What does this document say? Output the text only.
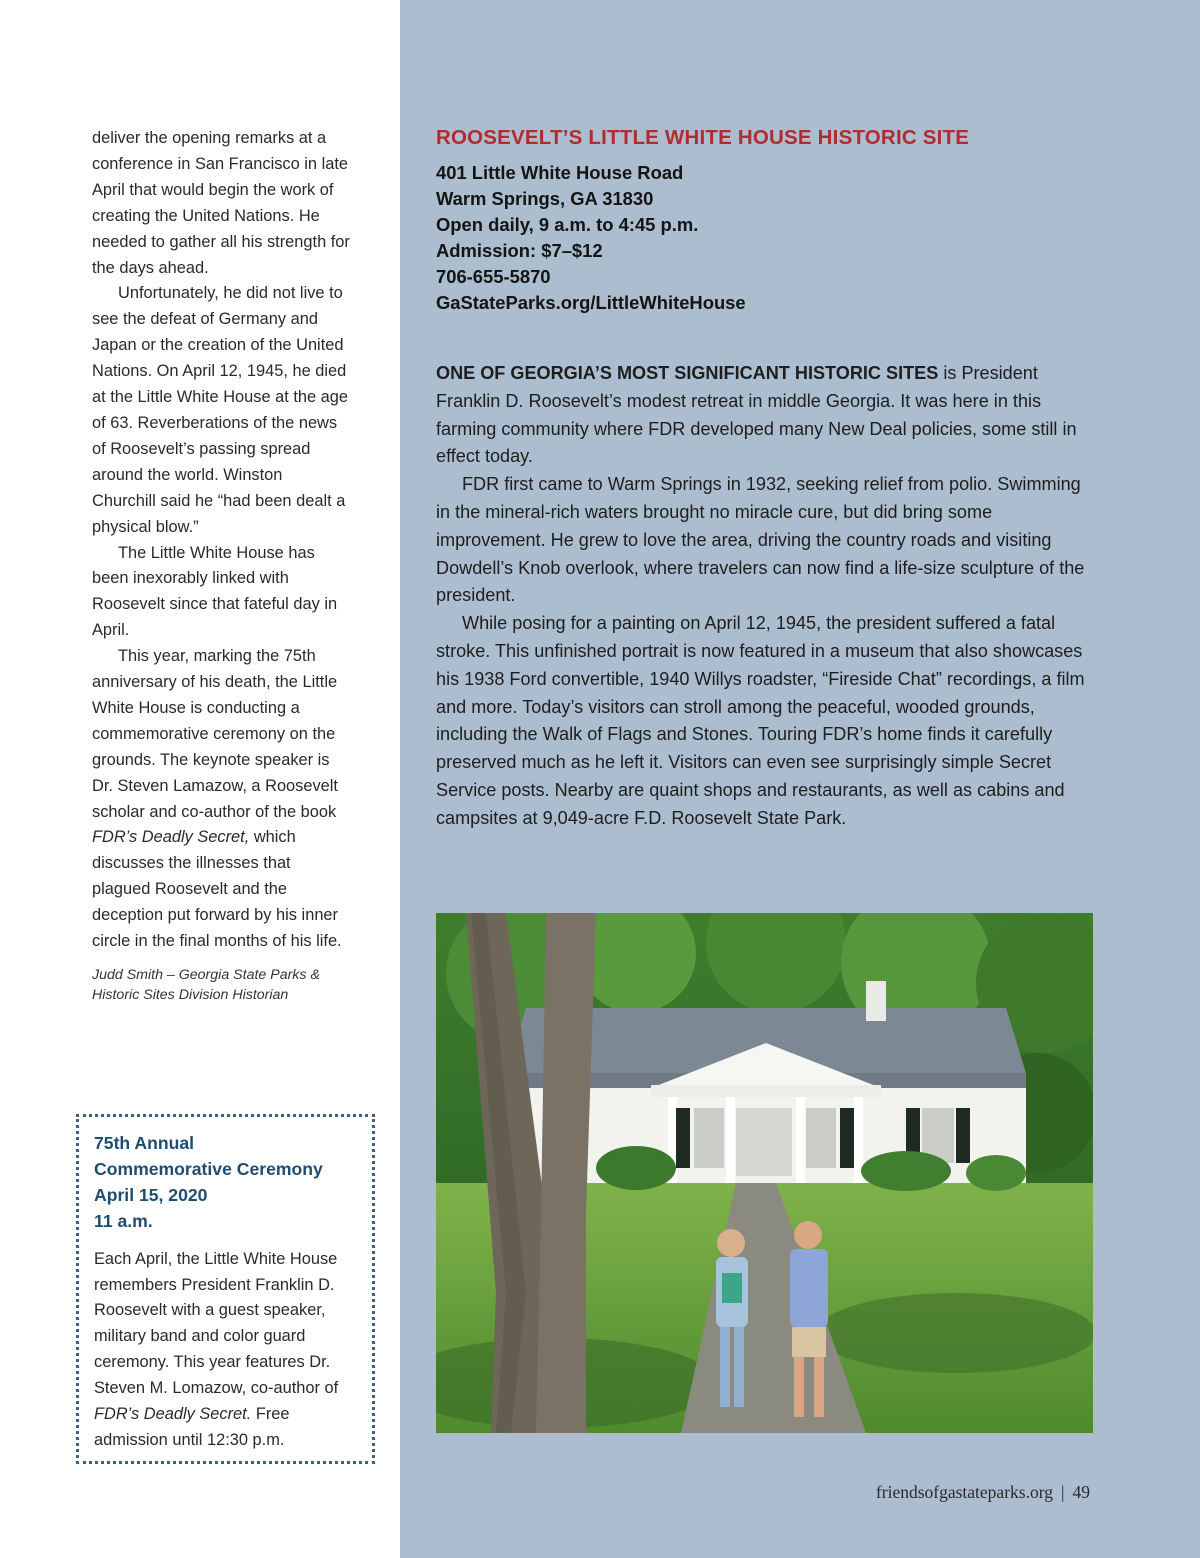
deliver the opening remarks at a conference in San Francisco in late April that would begin the work of creating the United Nations. He needed to gather all his strength for the days ahead.

Unfortunately, he did not live to see the defeat of Germany and Japan or the creation of the United Nations. On April 12, 1945, he died at the Little White House at the age of 63. Reverberations of the news of Roosevelt’s passing spread around the world. Winston Churchill said he “had been dealt a physical blow.”

The Little White House has been inexorably linked with Roosevelt since that fateful day in April.

This year, marking the 75th anniversary of his death, the Little White House is conducting a commemorative ceremony on the grounds. The keynote speaker is Dr. Steven Lamazow, a Roosevelt scholar and co-author of the book FDR’s Deadly Secret, which discusses the illnesses that plagued Roosevelt and the deception put forward by his inner circle in the final months of his life.

Judd Smith – Georgia State Parks & Historic Sites Division Historian

75th Annual
Commemorative Ceremony
April 15, 2020
11 a.m.

Each April, the Little White House remembers President Franklin D. Roosevelt with a guest speaker, military band and color guard ceremony. This year features Dr. Steven M. Lomazow, co-author of FDR’s Deadly Secret. Free admission until 12:30 p.m.

ROOSEVELT’S LITTLE WHITE HOUSE HISTORIC SITE
401 Little White House Road
Warm Springs, GA 31830
Open daily, 9 a.m. to 4:45 p.m.
Admission: $7–$12
706-655-5870
GaStateParks.org/LittleWhiteHouse

ONE OF GEORGIA’S MOST SIGNIFICANT HISTORIC SITES is President Franklin D. Roosevelt’s modest retreat in middle Georgia. It was here in this farming community where FDR developed many New Deal policies, some still in effect today.

FDR first came to Warm Springs in 1932, seeking relief from polio. Swimming in the mineral-rich waters brought no miracle cure, but did bring some improvement. He grew to love the area, driving the country roads and visiting Dowdell’s Knob overlook, where travelers can now find a life-size sculpture of the president.

While posing for a painting on April 12, 1945, the president suffered a fatal stroke. This unfinished portrait is now featured in a museum that also showcases his 1938 Ford convertible, 1940 Willys roadster, “Fireside Chat” recordings, a film and more. Today’s visitors can stroll among the peaceful, wooded grounds, including the Walk of Flags and Stones. Touring FDR’s home finds it carefully preserved much as he left it. Visitors can even see surprisingly simple Secret Service posts. Nearby are quaint shops and restaurants, as well as cabins and campsites at 9,049-acre F.D. Roosevelt State Park.

friendsofgastateparks.org | 49
